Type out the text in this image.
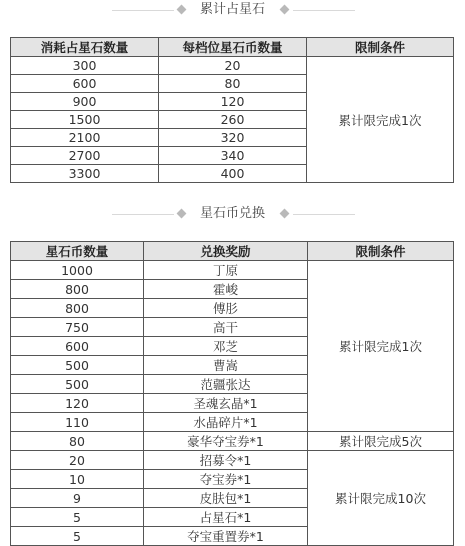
累计占星石
消耗占星石数量	每档位星石币数量	限制条件
300	20	累计限完成1次
600	80	
900	120	
1500	260	
2100	320	
2700	340	
3300	400	
星石币兑换
星石币数量	兑换奖励	限制条件
1000	丁原	累计限完成1次
800	霍峻	
800	傅肜	
750	高干	
600	邓芝	
500	曹嵩	
500	范疆张达	
120	圣魂玄晶*1	
110	水晶碎片*1	
80	豪华夺宝券*1	累计限完成5次
20	招募令*1	累计限完成10次
10	夺宝券*1	
9	皮肤包*1	
5	占星石*1	
5	夺宝重置券*1	
